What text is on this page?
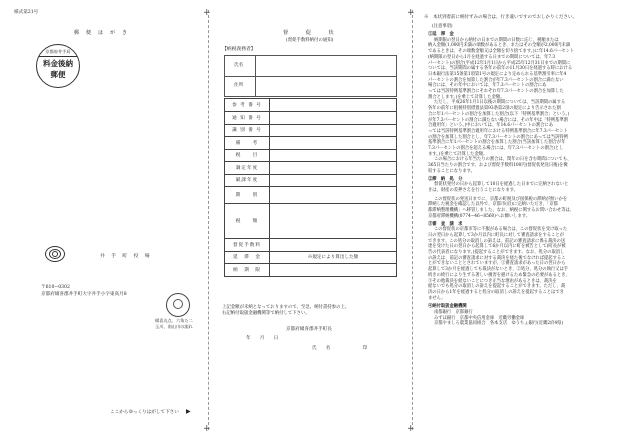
様式第21号	+
+
+
+
郵　便　は　が　き
京都府井手局
料金後納
郵便
井　手　町　役　場
〒610−0302
京都府綴喜郡井手町大字井手小字東高月8
綴喜丸点、六角た二
玉川、南山川の流れ
督　　　促　　　状
(督促手数料納付の通知)
【納税義務者】
氏名
住所
参 考 番 号	
通 知 番 号	
識 別 番 号	
備　　考	
税　　目	
調定年度	
賦課年度	
期　　別	
税　　額	
督促手数料	
延　滞　金	※規定により算出した額
納　期　限	
上記金額が未納となっておりますので、至急、納付書持参の上、
右記納付取扱金融機関等で納付して下さい。
京都府綴喜郡井手町長
年　　月　　日
氏　　名　　　　　　　印
ここからゆっくりはがして下さい ▶
※　本状到着前に納付ずみの場合は、行き違いですのでおしかりください。
(注意事項)
①延　滞　金
納期限の翌日から納付の日までの期間の日数に応じ、税額または
納入金額(1,000円未満の端数があるとき、またはその全額が2,000円未満
であるときは、その端数金額又は全額を切り捨てます。)に年14.6パーセント
(納期限の翌日から1月を経過する日までの期間については、年7.3
パーセント)の割合(平成12年1月1日から平成25年12月31日までの期間に
ついては、当該期間の属する各年の前年の11月30日を経過する時における
日本銀行法第15条第1項第1号の規定により定められる基準割引率に年4
パーセントの割合を加算した割合が年7.3パーセントの割合に満たない
場合には、その年中においては、年7.3パーセントの割合にあ
っては当該特例基準割合にそれぞれ年7.3パーセントの割合を加算した
割合とします。)を乗じて計算した金額。
ただし、平成26年1月1日以後の期間については、当該期間の属する
各年の前年に租税特別措置法第93条第2項の規定により告示された割
合に年1パーセントの割合を加算した割合(以下「特例基準割合」という。)
が年7.3パーセントの割合に満たない場合には、その年中は「特例基準割
合適用年」という。)中においては、年14.6パーセントの割合にあ
っては当該特例基準割合適用年における特例基準割合に年7.3パーセント
の割合を加算した割合とし、年7.3パーセントの割合にあっては当該特例
基準割合に年1パーセントの割合を加算した割合(当該加算した割合が年
7.3パーセントの割合を超える場合には、年7.3パーセントの割合)とし
ます。)を乗じて計算した金額。
この場合における年当たりの割合は、閏年の日を含む期間についても、
365日当たりの割合です。および督促手数料100円(督促状発送日後)を徴
収することになります。
②滞　納　処　分
督促状発付の日から起算して10日を経過した日までに完納されないと
きは、財産の差押さえを行うことになります。
この督促状の発送日までに、京都の町税及び国保税の滞納が無いかを
滞納した税金を確認した以外で、京都市(府)に完納いただき、「京都
都滞納整理機構」へ移管しました。なお、納税に関するお問い合わせ等は、
京都府滞納機構(0774−46−8560)へお願いします。
③審　査　請　求
この督促状の京都市等に不服がある場合は、この督促状を受け取った
日の翌日から起算して3か月以内に町長に対して審査請求をすることが
できます。この処分の取消しの訴えは、前記の審査請求に係る裁決の送
達を受けた日の翌日から起算して6か月以内に町を被告として(町長が被
告の代表者になります。)提起することができます。なお、処分の取消し
の訴えは、前記の審査請求に対する裁決を経た後でなければ提起するこ
とができないこととされていますが、①審査請求があった日の翌日から
起算して3か月を経過しても裁決がないとき、②処分、処分の執行又は手
続きの続行により生ずる著しい損害を避けるため緊急の必要があるとき、
③その他裁決を経ないことにつき正当な理由があるときは、裁決を
経ないでも処分の取消しの訴えを提起することができます。ただし、裁
決の日から1年を経過すると処分の取消しの訴えを提起することはでき
ません。
④納付取扱金融機関
南都銀行　京都銀行
みずほ銀行　京都中央信用金庫　近畿労働金庫
京都やましろ農業協同組合　各本支店　ゆうちょ銀行(近畿2府4県)
